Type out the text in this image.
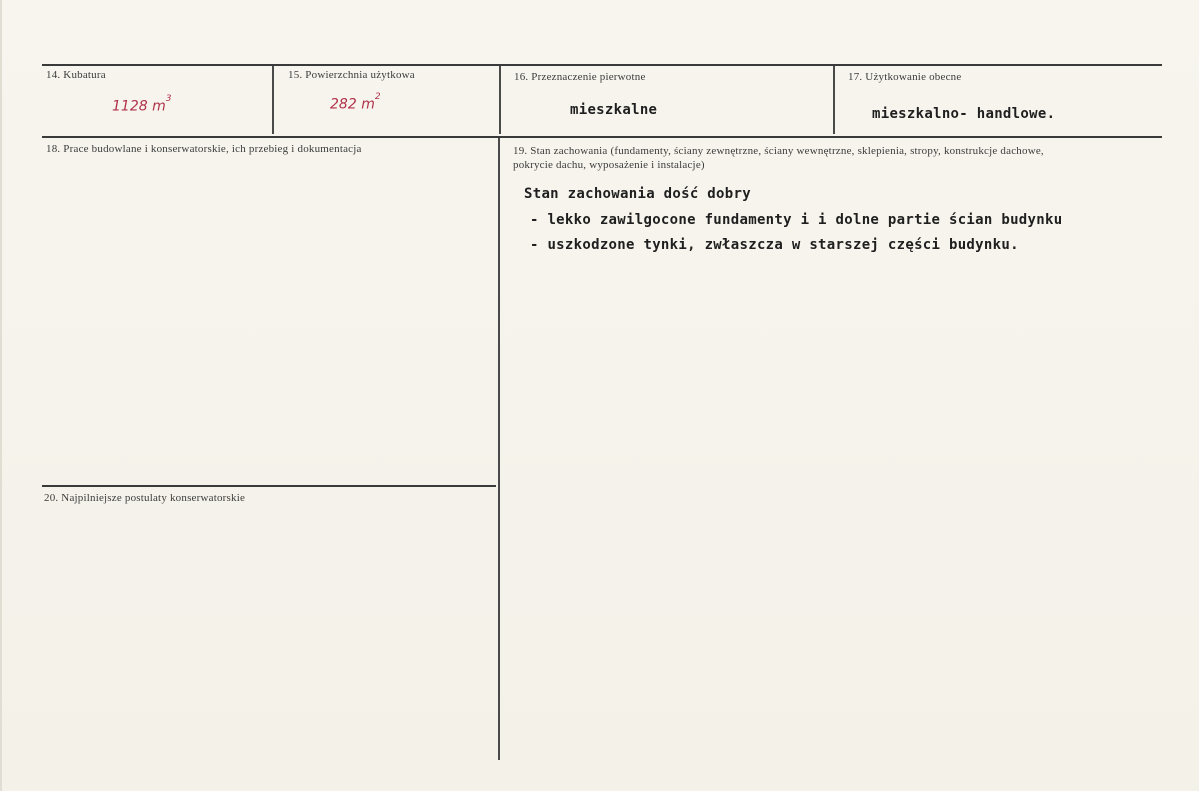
14. Kubatura
1128 $m^3$
15. Powierzchnia użytkowa
282 $m^2$
16. Przeznaczenie pierwotne
mieszkalne
17. Użytkowanie obecne
mieszkalno- handlowe.
18. Prace budowlane i konserwatorskie, ich przebieg i dokumentacja	19. Stan zachowania (fundamenty, ściany zewnętrzne, ściany wewnętrzne, sklepienia, stropy, konstrukcje dachowe, pokrycie dachu, wyposażenie i instalacje)
Stan zachowania dość dobry
- lekko zawilgocone fundamenty i i dolne partie ścian budynku
- uszkodzone tynki, zwłaszcza w starszej części budynku.
20. Najpilniejsze postulaty konserwatorskie
